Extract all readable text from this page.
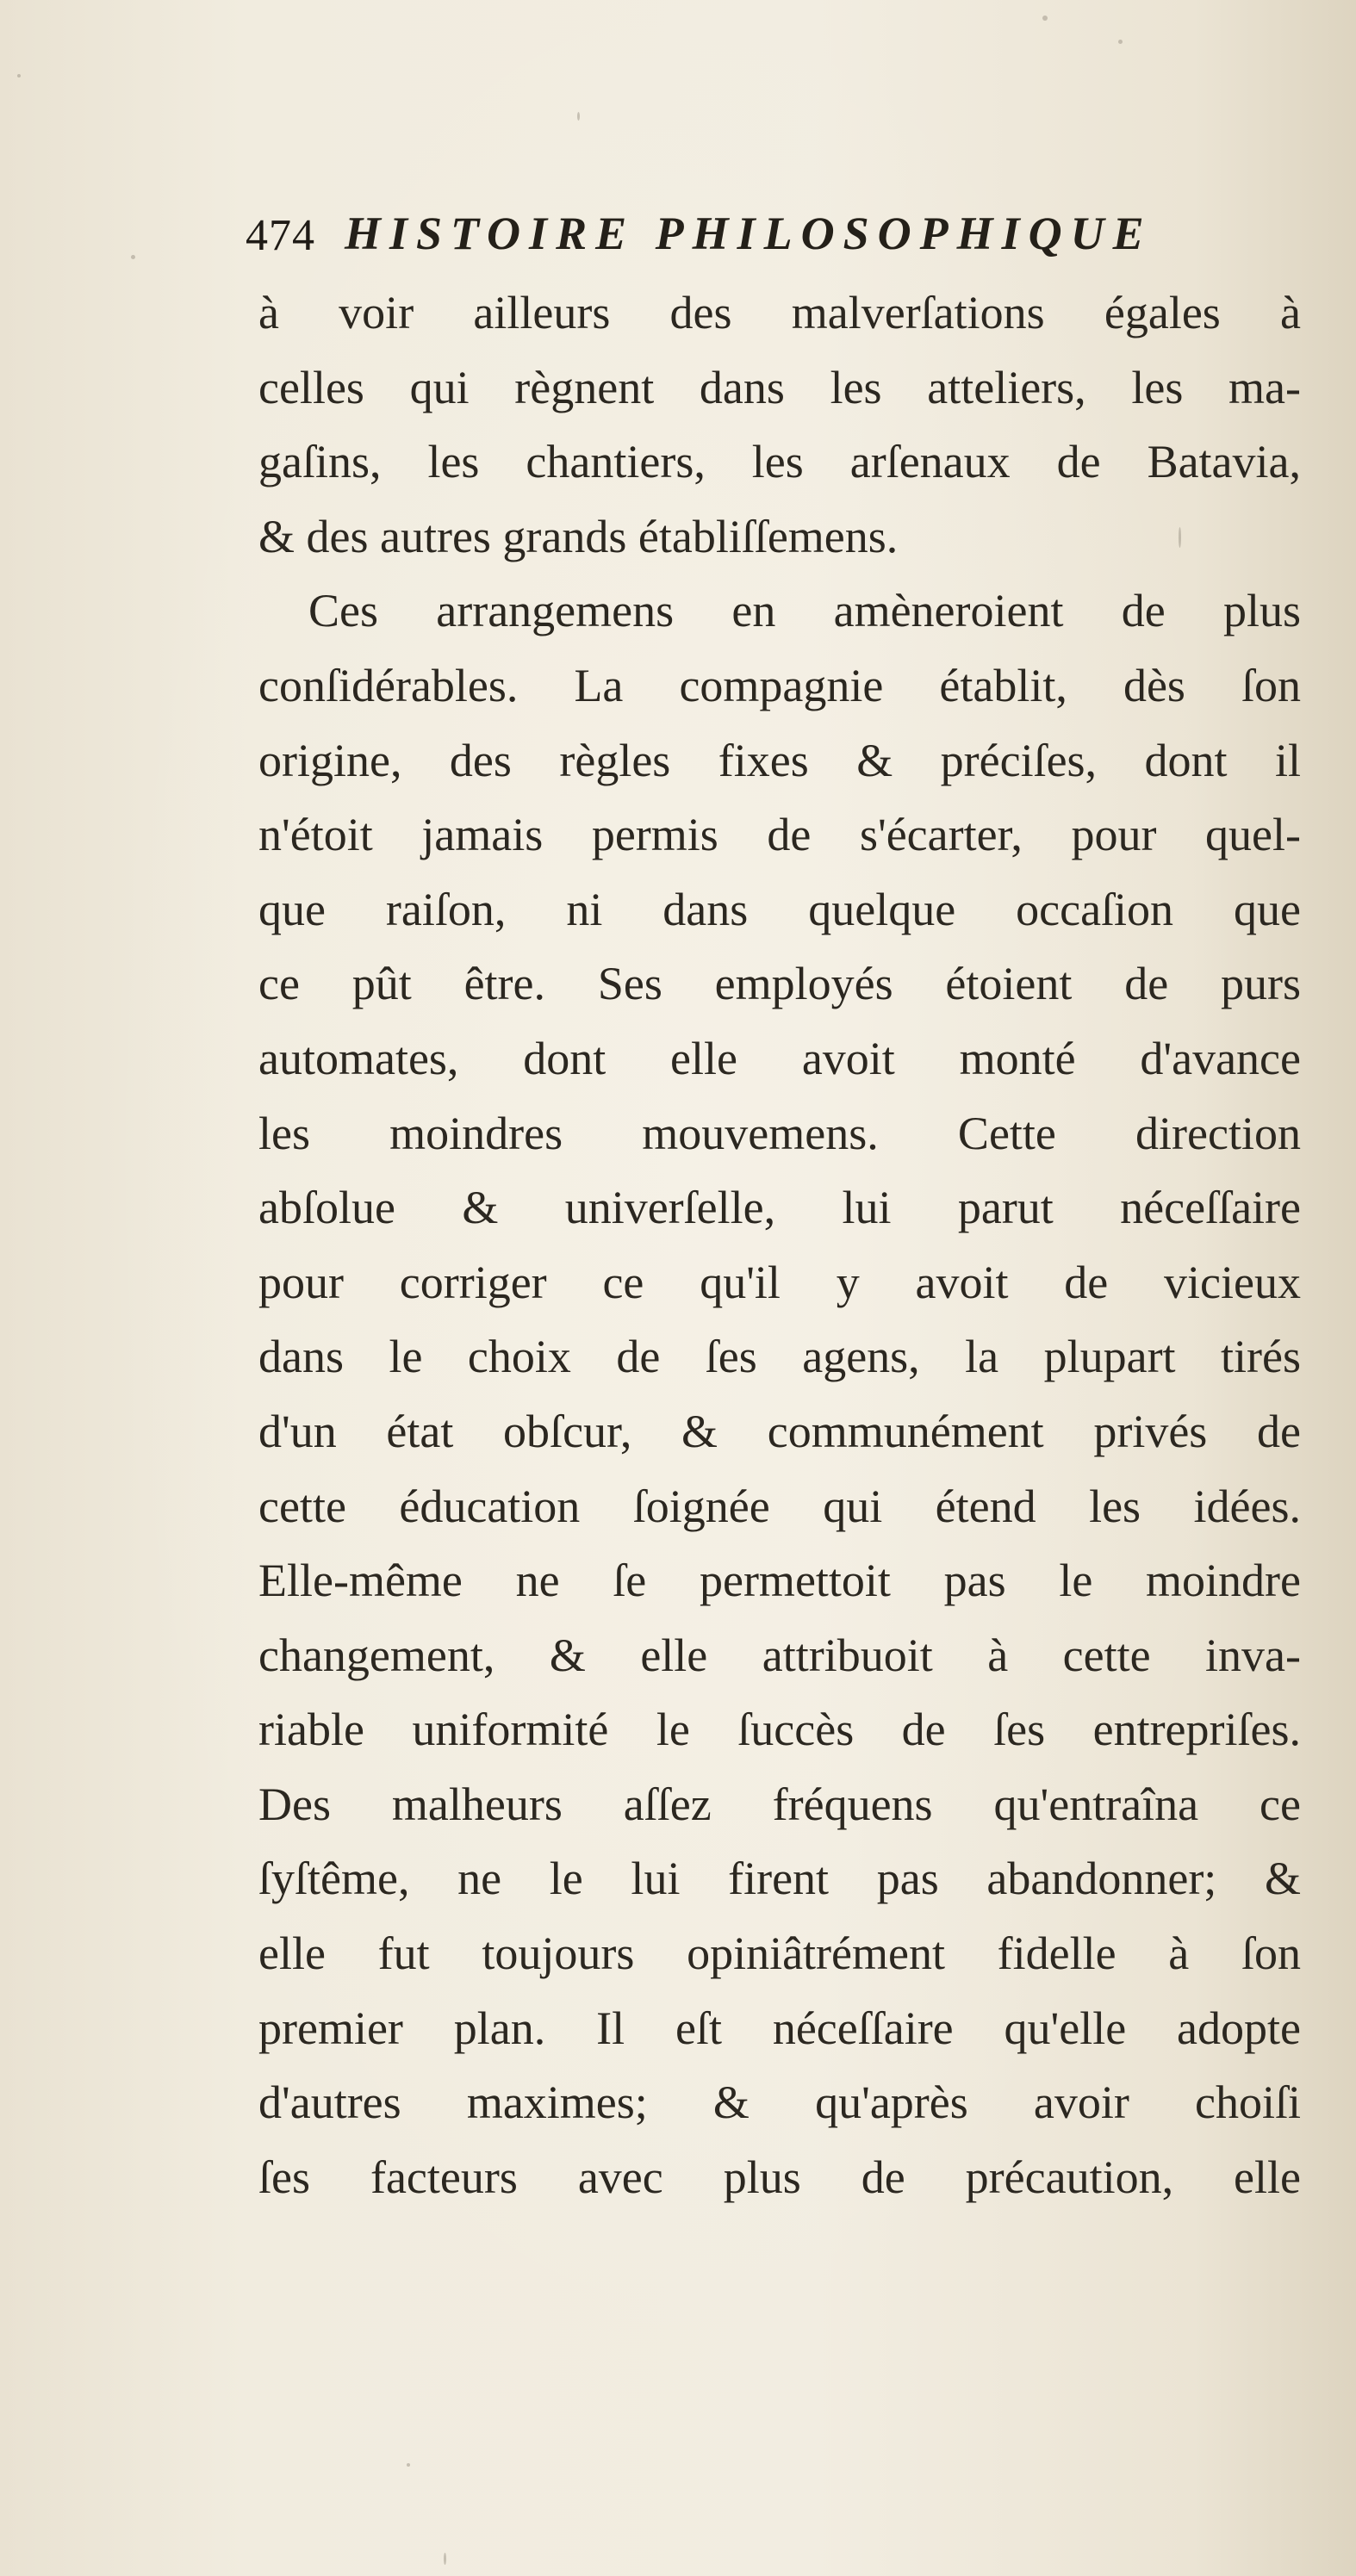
474 HISTOIRE PHILOSOPHIQUE
à voir ailleurs des malverſations égales à
celles qui règnent dans les atteliers, les ma-
gaſins, les chantiers, les arſenaux de Batavia,
& des autres grands établiſſemens.
Ces arrangemens en amèneroient de plus
conſidérables. La compagnie établit, dès ſon
origine, des règles fixes & préciſes, dont il
n'étoit jamais permis de s'écarter, pour quel-
que raiſon, ni dans quelque occaſion que
ce pût être. Ses employés étoient de purs
automates, dont elle avoit monté d'avance
les moindres mouvemens. Cette direction
abſolue & univerſelle, lui parut néceſſaire
pour corriger ce qu'il y avoit de vicieux
dans le choix de ſes agens, la plupart tirés
d'un état obſcur, & communément privés de
cette éducation ſoignée qui étend les idées.
Elle-même ne ſe permettoit pas le moindre
changement, & elle attribuoit à cette inva-
riable uniformité le ſuccès de ſes entrepriſes.
Des malheurs aſſez fréquens qu'entraîna ce
ſyſtême, ne le lui firent pas abandonner; &
elle fut toujours opiniâtrément fidelle à ſon
premier plan. Il eſt néceſſaire qu'elle adopte
d'autres maximes; & qu'après avoir choiſi
ſes facteurs avec plus de précaution, elle
